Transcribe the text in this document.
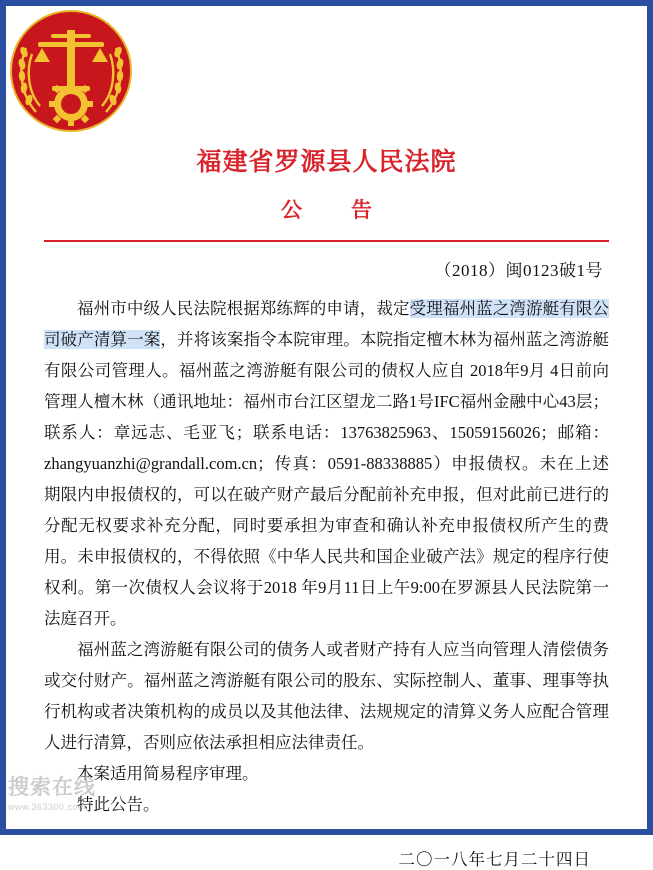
福建省罗源县人民法院
公　告
（2018）闽0123破1号

福州市中级人民法院根据郑练辉的申请，裁定受理福州蓝之湾游艇有限公司破产清算一案，并将该案指令本院审理。本院指定檀木林为福州蓝之湾游艇有限公司管理人。福州蓝之湾游艇有限公司的债权人应自 2018年9月 4日前向管理人檀木林（通讯地址：福州市台江区望龙二路1号IFC福州金融中心43层；联系人：章远志、毛亚飞；联系电话：13763825963、15059156026；邮箱：zhangyuanzhi@grandall.com.cn；传真：0591-88338885）申报债权。未在上述期限内申报债权的，可以在破产财产最后分配前补充申报，但对此前已进行的分配无权要求补充分配，同时要承担为审查和确认补充申报债权所产生的费用。未申报债权的，不得依照《中华人民共和国企业破产法》规定的程序行使权利。第一次债权人会议将于2018 年9月11日上午9:00在罗源县人民法院第一法庭召开。

福州蓝之湾游艇有限公司的债务人或者财产持有人应当向管理人清偿债务或交付财产。福州蓝之湾游艇有限公司的股东、实际控制人、董事、理事等执行机构或者决策机构的成员以及其他法律、法规规定的清算义务人应配合管理人进行清算，否则应依法承担相应法律责任。

本案适用简易程序审理。

特此公告。

二〇一八年七月二十四日
搜索在线
www.363300.com
